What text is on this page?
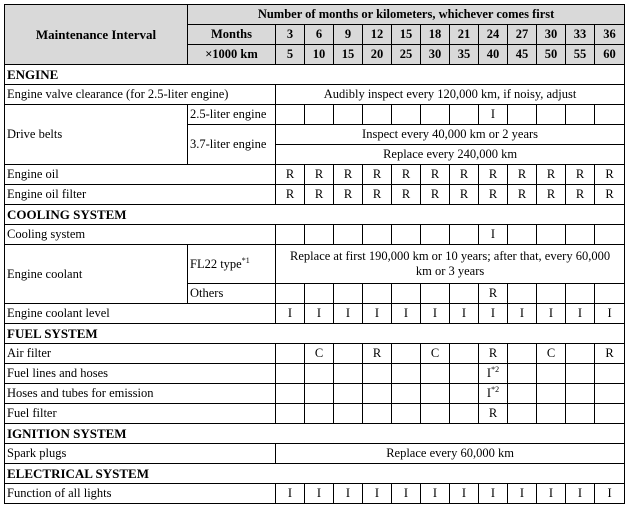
Maintenance Interval	Number of months or kilometers, whichever comes first												
	Months	3	6	9	12	15	18	21	24	27	30	33	36
	×1000 km	5	10	15	20	25	30	35	40	45	50	55	60
ENGINE													
Engine valve clearance (for 2.5-liter engine)		Audibly inspect every 120,000 km, if noisy, adjust											
Drive belts	2.5-liter engine								I				
	3.7-liter engine	Inspect every 40,000 km or 2 years											
		Replace every 240,000 km											
Engine oil		R	R	R	R	R	R	R	R	R	R	R	R
Engine oil filter		R	R	R	R	R	R	R	R	R	R	R	R
COOLING SYSTEM													
Cooling system									I				
Engine coolant	FL22 type$^{*1}$	Replace at first 190,000 km or 10 years; after that, every 60,000 km or 3 years											
	Others								R				
Engine coolant level		I	I	I	I	I	I	I	I	I	I	I	I
FUEL SYSTEM													
Air filter			C		R		C		R		C		R
Fuel lines and hoses									$I^{*2}$				
Hoses and tubes for emission									$I^{*2}$				
Fuel filter									R				
IGNITION SYSTEM													
Spark plugs		Replace every 60,000 km											
ELECTRICAL SYSTEM													
Function of all lights		I	I	I	I	I	I	I	I	I	I	I	I
